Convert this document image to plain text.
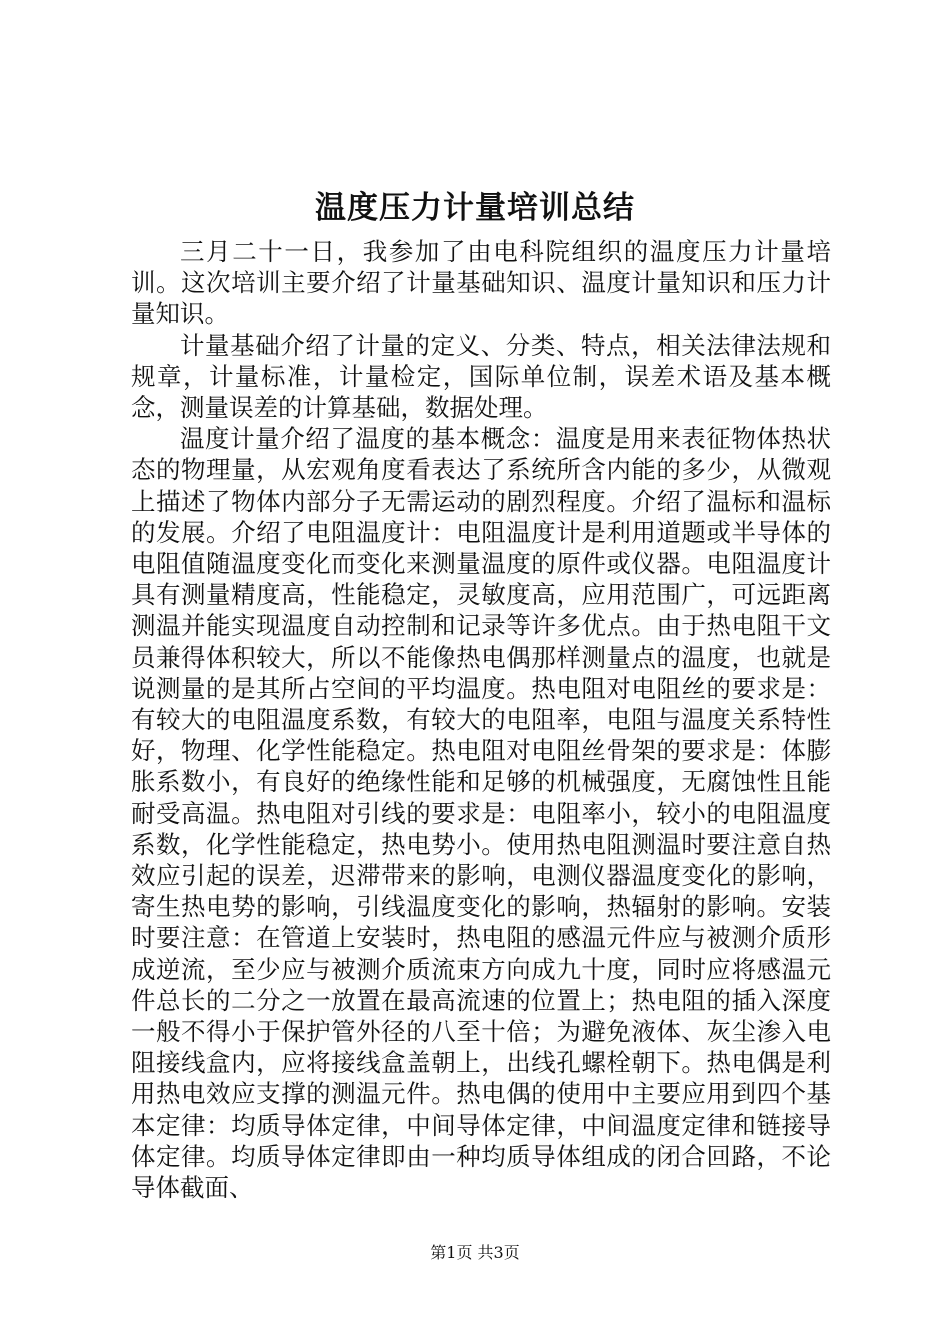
温度压力计量培训总结

三月二十一日，我参加了由电科院组织的温度压力计量培训。这次培训主要介绍了计量基础知识、温度计量知识和压力计量知识。

计量基础介绍了计量的定义、分类、特点，相关法律法规和规章，计量标准，计量检定，国际单位制，误差术语及基本概念，测量误差的计算基础，数据处理。

温度计量介绍了温度的基本概念：温度是用来表征物体热状态的物理量，从宏观角度看表达了系统所含内能的多少，从微观上描述了物体内部分子无需运动的剧烈程度。介绍了温标和温标的发展。介绍了电阻温度计：电阻温度计是利用道题或半导体的电阻值随温度变化而变化来测量温度的原件或仪器。电阻温度计具有测量精度高，性能稳定，灵敏度高，应用范围广，可远距离测温并能实现温度自动控制和记录等许多优点。由于热电阻干文员兼得体积较大，所以不能像热电偶那样测量点的温度，也就是说测量的是其所占空间的平均温度。热电阻对电阻丝的要求是：有较大的电阻温度系数，有较大的电阻率，电阻与温度关系特性好，物理、化学性能稳定。热电阻对电阻丝骨架的要求是：体膨胀系数小，有良好的绝缘性能和足够的机械强度，无腐蚀性且能耐受高温。热电阻对引线的要求是：电阻率小，较小的电阻温度系数，化学性能稳定，热电势小。使用热电阻测温时要注意自热效应引起的误差，迟滞带来的影响，电测仪器温度变化的影响，寄生热电势的影响，引线温度变化的影响，热辐射的影响。安装时要注意：在管道上安装时，热电阻的感温元件应与被测介质形成逆流，至少应与被测介质流束方向成九十度，同时应将感温元件总长的二分之一放置在最高流速的位置上；热电阻的插入深度一般不得小于保护管外径的八至十倍；为避免液体、灰尘渗入电阻接线盒内，应将接线盒盖朝上，出线孔螺栓朝下。热电偶是利用热电效应支撑的测温元件。热电偶的使用中主要应用到四个基本定律：均质导体定律，中间导体定律，中间温度定律和链接导体定律。均质导体定律即由一种均质导体组成的闭合回路，不论导体截面、

第1页 共3页
